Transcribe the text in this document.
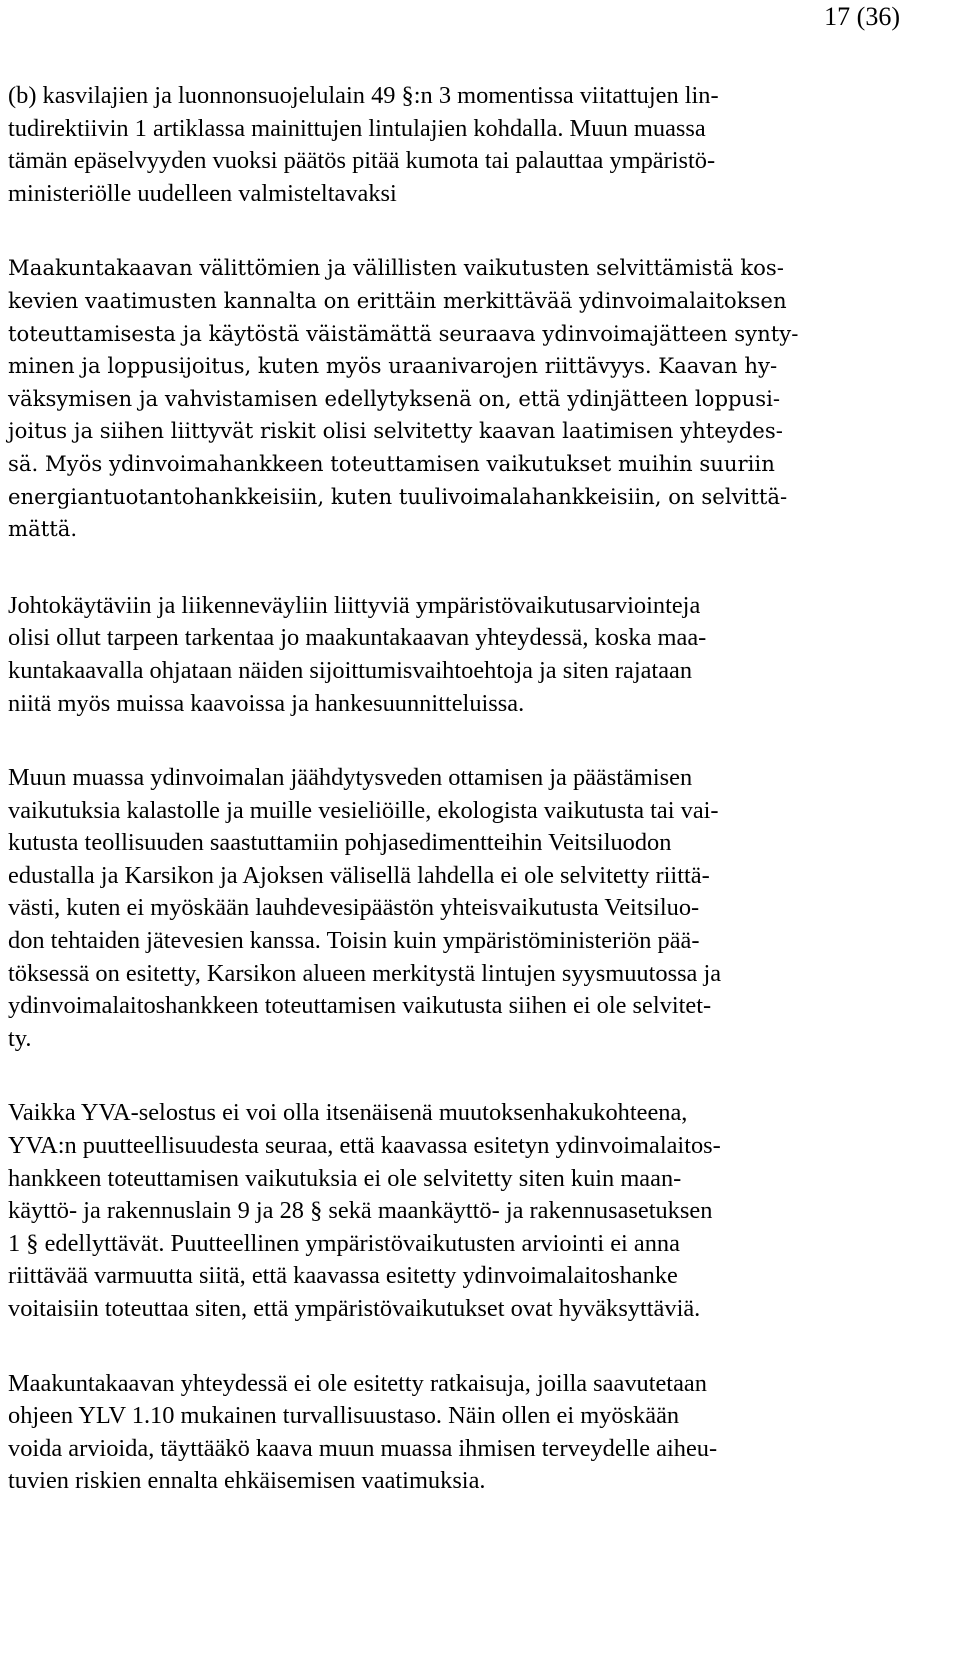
17 (36)

(b) kasvilajien ja luonnonsuojelulain 49 §:n 3 momentissa viitattujen lin-
tudirektiivin 1 artiklassa mainittujen lintulajien kohdalla. Muun muassa
tämän epäselvyyden vuoksi päätös pitää kumota tai palauttaa ympäristö-
ministeriölle uudelleen valmisteltavaksi

Maakuntakaavan välittömien ja välillisten vaikutusten selvittämistä kos-
kevien vaatimusten kannalta on erittäin merkittävää ydinvoimalaitoksen
toteuttamisesta ja käytöstä väistämättä seuraava ydinvoimajätteen synty-
minen ja loppusijoitus, kuten myös uraanivarojen riittävyys. Kaavan hy-
väksymisen ja vahvistamisen edellytyksenä on, että ydinjätteen loppusi-
joitus ja siihen liittyvät riskit olisi selvitetty kaavan laatimisen yhteydes-
sä. Myös ydinvoimahankkeen toteuttamisen vaikutukset muihin suuriin
energiantuotantohankkeisiin, kuten tuulivoimalahankkeisiin, on selvittä-
mättä.

Johtokäytäviin ja liikenneväyliin liittyviä ympäristövaikutusarviointeja
olisi ollut tarpeen tarkentaa jo maakuntakaavan yhteydessä, koska maa-
kuntakaavalla ohjataan näiden sijoittumisvaihtoehtoja ja siten rajataan
niitä myös muissa kaavoissa ja hankesuunnitteluissa.

Muun muassa ydinvoimalan jäähdytysveden ottamisen ja päästämisen
vaikutuksia kalastolle ja muille vesieliöille, ekologista vaikutusta tai vai-
kutusta teollisuuden saastuttamiin pohjasedimentteihin Veitsiluodon
edustalla ja Karsikon ja Ajoksen välisellä lahdella ei ole selvitetty riittä-
västi, kuten ei myöskään lauhdevesipäästön yhteisvaikutusta Veitsiluo-
don tehtaiden jätevesien kanssa. Toisin kuin ympäristöministeriön pää-
töksessä on esitetty, Karsikon alueen merkitystä lintujen syysmuutossa ja
ydinvoimalaitoshankkeen toteuttamisen vaikutusta siihen ei ole selvitet-
ty.

Vaikka YVA-selostus ei voi olla itsenäisenä muutoksenhakukohteena,
YVA:n puutteellisuudesta seuraa, että kaavassa esitetyn ydinvoimalaitos-
hankkeen toteuttamisen vaikutuksia ei ole selvitetty siten kuin maan-
käyttö- ja rakennuslain 9 ja 28 § sekä maankäyttö- ja rakennusasetuksen
1 § edellyttävät. Puutteellinen ympäristövaikutusten arviointi ei anna
riittävää varmuutta siitä, että kaavassa esitetty ydinvoimalaitoshanke
voitaisiin toteuttaa siten, että ympäristövaikutukset ovat hyväksyttäviä.

Maakuntakaavan yhteydessä ei ole esitetty ratkaisuja, joilla saavutetaan
ohjeen YLV 1.10 mukainen turvallisuustaso. Näin ollen ei myöskään
voida arvioida, täyttääkö kaava muun muassa ihmisen terveydelle aiheu-
tuvien riskien ennalta ehkäisemisen vaatimuksia.
